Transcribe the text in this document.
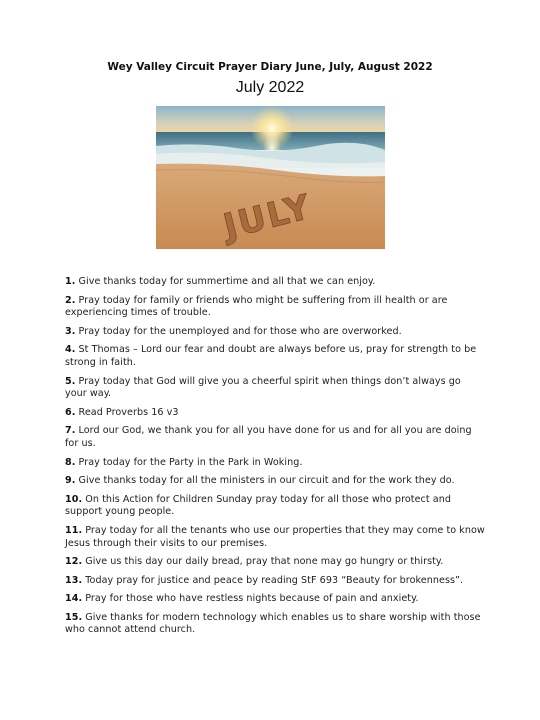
Wey Valley Circuit Prayer Diary June, July, August 2022
July 2022
JULY
1. Give thanks today for summertime and all that we can enjoy.
2. Pray today for family or friends who might be suffering from ill health or are experiencing times of trouble.
3. Pray today for the unemployed and for those who are overworked.
4. St Thomas – Lord our fear and doubt are always before us, pray for strength to be strong in faith.
5. Pray today that God will give you a cheerful spirit when things don’t always go your way.
6. Read Proverbs 16 v3
7. Lord our God, we thank you for all you have done for us and for all you are doing for us.
8. Pray today for the Party in the Park in Woking.
9. Give thanks today for all the ministers in our circuit and for the work they do.
10. On this Action for Children Sunday pray today for all those who protect and support young people.
11. Pray today for all the tenants who use our properties that they may come to know Jesus through their visits to our premises.
12. Give us this day our daily bread, pray that none may go hungry or thirsty.
13. Today pray for justice and peace by reading StF 693 “Beauty for brokenness”.
14. Pray for those who have restless nights because of pain and anxiety.
15. Give thanks for modern technology which enables us to share worship with those who cannot attend church.
